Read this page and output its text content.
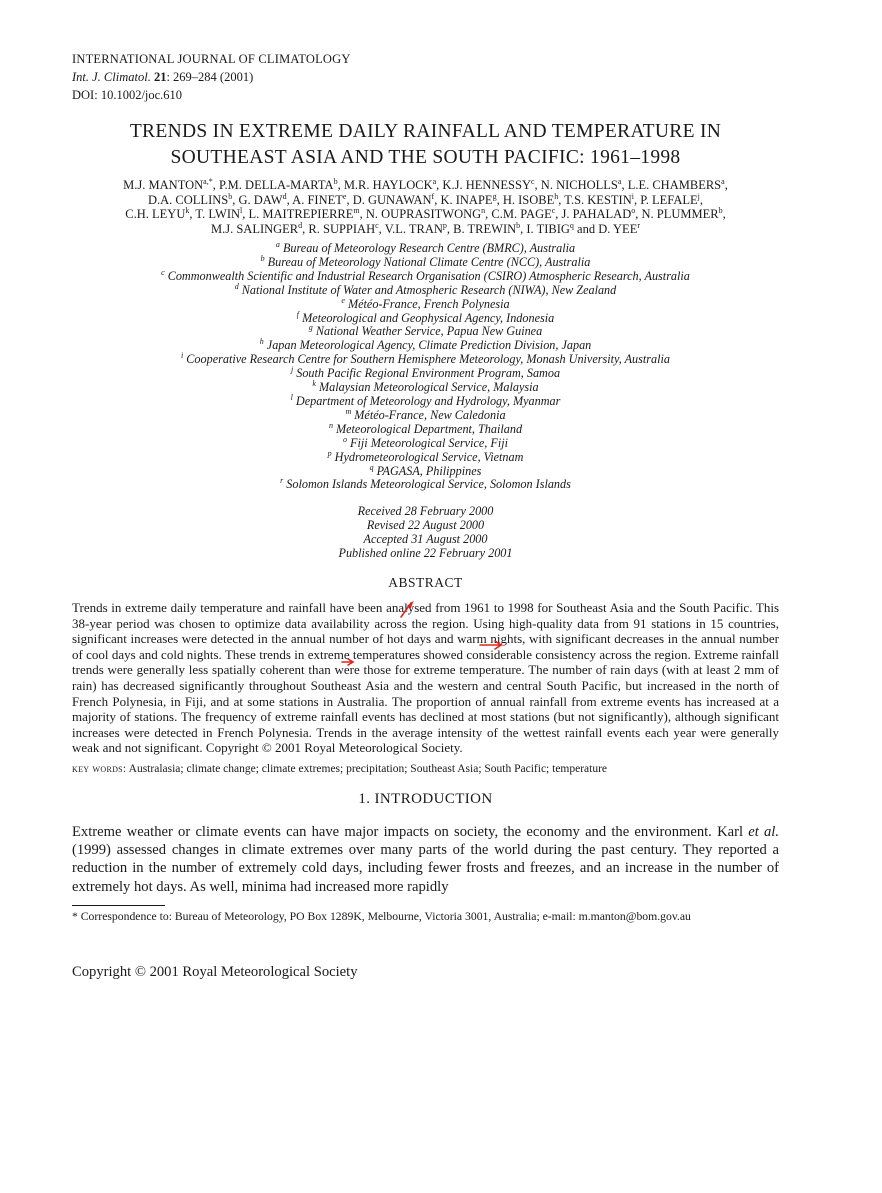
INTERNATIONAL JOURNAL OF CLIMATOLOGY
Int. J. Climatol. 21: 269–284 (2001)
DOI: 10.1002/joc.610
TRENDS IN EXTREME DAILY RAINFALL AND TEMPERATURE IN
SOUTHEAST ASIA AND THE SOUTH PACIFIC: 1961–1998
M.J. $MANTON^{a,*}$, P.M. DELLA-MARTA$^b$, M.R. HAYLOCK$^a$, K.J. HENNESSY$^c$, N. NICHOLLS$^a$, L.E. CHAMBERS$^a$,
D.A. COLLINS$^b$, G. DAW$^d$, A. FINET$^e$, D. GUNAWAN$^f$, K. INAPE$^g$, H. ISOBE$^h$, T.S. KESTIN$^i$, P. LEFALE$^j$,
C.H. LEYU$^k$, T. LWIN$^l$, L. MAITREPIERRE$^m$, N. OUPRASITWONG$^n$, C.M. PAGE$^c$, J. PAHALAD$^o$, N. PLUMMER$^b$,
M.J. SALINGER$^d$, R. SUPPIAH$^c$, V.L. TRAN$^p$, B. TREWIN$^b$, I. TIBIG$^q$ and D. YEE$^r$
$^a$ Bureau of Meteorology Research Centre (BMRC), Australia
$^b$ Bureau of Meteorology National Climate Centre (NCC), Australia
$^c$ Commonwealth Scientific and Industrial Research Organisation (CSIRO) Atmospheric Research, Australia
$^d$ National Institute of Water and Atmospheric Research (NIWA), New Zealand
$^e$ Météo-France, French Polynesia
$^f$ Meteorological and Geophysical Agency, Indonesia
$^g$ National Weather Service, Papua New Guinea
$^h$ Japan Meteorological Agency, Climate Prediction Division, Japan
$^i$ Cooperative Research Centre for Southern Hemisphere Meteorology, Monash University, Australia
$^j$ South Pacific Regional Environment Program, Samoa
$^k$ Malaysian Meteorological Service, Malaysia
$^l$ Department of Meteorology and Hydrology, Myanmar
$^m$ Météo-France, New Caledonia
$^n$ Meteorological Department, Thailand
$^o$ Fiji Meteorological Service, Fiji
$^p$ Hydrometeorological Service, Vietnam
$^q$ PAGASA, Philippines
$^r$ Solomon Islands Meteorological Service, Solomon Islands
Received 28 February 2000
Revised 22 August 2000
Accepted 31 August 2000
Published online 22 February 2001
ABSTRACT
Trends in extreme daily temperature and rainfall have been analysed from 1961 to 1998 for Southeast Asia and the South Pacific. This 38-year period was chosen to optimize data availability across the region. Using high-quality data from 91 stations in 15 countries, significant increases were detected in the annual number of hot days and warm nights, with significant decreases in the annual number of cool days and cold nights. These trends in extreme temperatures showed considerable consistency across the region. Extreme rainfall trends were generally less spatially coherent than were those for extreme temperature. The number of rain days (with at least 2 mm of rain) has decreased significantly throughout Southeast Asia and the western and central South Pacific, but increased in the north of French Polynesia, in Fiji, and at some stations in Australia. The proportion of annual rainfall from extreme events has increased at a majority of stations. The frequency of extreme rainfall events has declined at most stations (but not significantly), although significant increases were detected in French Polynesia. Trends in the average intensity of the wettest rainfall events each year were generally weak and not significant. Copyright © 2001 Royal Meteorological Society.
key words: Australasia; climate change; climate extremes; precipitation; Southeast Asia; South Pacific; temperature
1. INTRODUCTION
Extreme weather or climate events can have major impacts on society, the economy and the environment. Karl et al. (1999) assessed changes in climate extremes over many parts of the world during the past century. They reported a reduction in the number of extremely cold days, including fewer frosts and freezes, and an increase in the number of extremely hot days. As well, minima had increased more rapidly
* Correspondence to: Bureau of Meteorology, PO Box 1289K, Melbourne, Victoria 3001, Australia; e-mail: m.manton@bom.gov.au
Copyright © 2001 Royal Meteorological Society
